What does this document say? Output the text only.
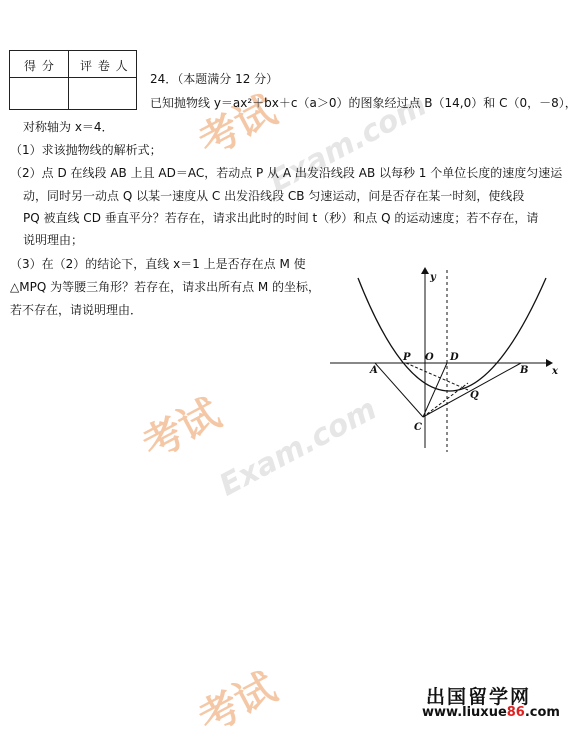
考试
Exam.com
考试
Exam.com
考试
得 分 评 卷 人
24．（本题满分 12 分）
已知抛物线 y＝ax²＋bx＋c（a＞0）的图象经过点 B（14,0）和 C（0，－8），
对称轴为 x＝4．
（1）求该抛物线的解析式；
（2）点 D 在线段 AB 上且 AD＝AC，若动点 P 从 A 出发沿线段 AB 以每秒 1 个单位长度的速度匀速运
动，同时另一动点 Q 以某一速度从 C 出发沿线段 CB 匀速运动，问是否存在某一时刻，使线段
PQ 被直线 CD 垂直平分？若存在，请求出此时的时间 t（秒）和点 Q 的运动速度；若不存在，请
说明理由；
（3）在（2）的结论下，直线 x＝1 上是否存在点 M 使
△MPQ 为等腰三角形？若存在，请求出所有点 M 的坐标，
若不存在，请说明理由．
y
x
A
P O D
B
Q
C
出国留学网
www.liuxue86.com
